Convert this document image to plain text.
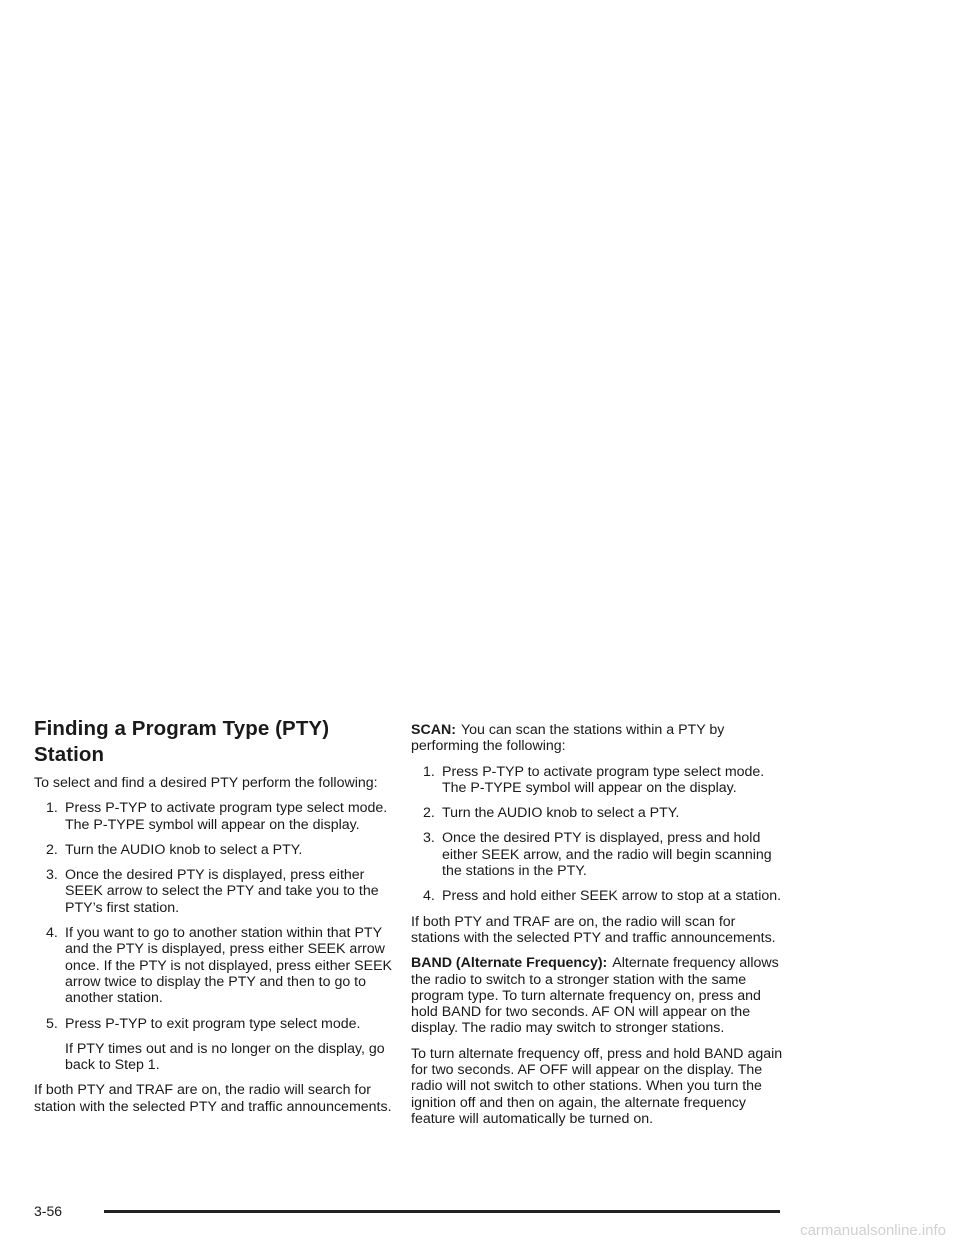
Finding a Program Type (PTY) Station

To select and find a desired PTY perform the following:

1. Press P-TYP to activate program type select mode. The P-TYPE symbol will appear on the display.
2. Turn the AUDIO knob to select a PTY.
3. Once the desired PTY is displayed, press either SEEK arrow to select the PTY and take you to the PTY’s first station.
4. If you want to go to another station within that PTY and the PTY is displayed, press either SEEK arrow once. If the PTY is not displayed, press either SEEK arrow twice to display the PTY and then to go to another station.
5. Press P-TYP to exit program type select mode.

If PTY times out and is no longer on the display, go back to Step 1.

If both PTY and TRAF are on, the radio will search for station with the selected PTY and traffic announcements.

SCAN: You can scan the stations within a PTY by performing the following:

1. Press P-TYP to activate program type select mode. The P-TYPE symbol will appear on the display.
2. Turn the AUDIO knob to select a PTY.
3. Once the desired PTY is displayed, press and hold either SEEK arrow, and the radio will begin scanning the stations in the PTY.
4. Press and hold either SEEK arrow to stop at a station.

If both PTY and TRAF are on, the radio will scan for stations with the selected PTY and traffic announcements.

BAND (Alternate Frequency): Alternate frequency allows the radio to switch to a stronger station with the same program type. To turn alternate frequency on, press and hold BAND for two seconds. AF ON will appear on the display. The radio may switch to stronger stations.

To turn alternate frequency off, press and hold BAND again for two seconds. AF OFF will appear on the display. The radio will not switch to other stations. When you turn the ignition off and then on again, the alternate frequency feature will automatically be turned on.

3-56
carmanualsonline.info
